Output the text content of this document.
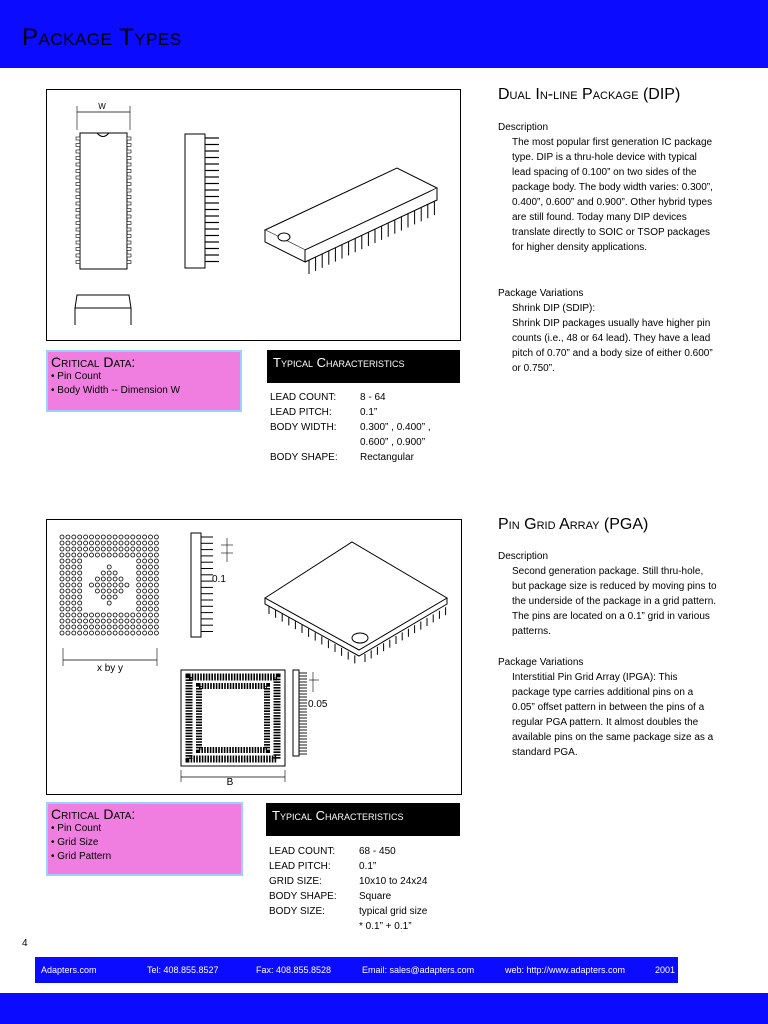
Package Types
W
Dual In-line Package (DIP)
Description
The most popular first generation IC package type. DIP is a thru-hole device with typical lead spacing of 0.100” on two sides of the package body. The body width varies: 0.300”, 0.400”, 0.600” and 0.900”. Other hybrid types are still found. Today many DIP devices translate directly to SOIC or TSOP packages for higher density applications.
Package Variations
Shrink DIP (SDIP):
Shrink DIP packages usually have higher pin counts (i.e., 48 or 64 lead). They have a lead pitch of 0.70” and a body size of either 0.600” or 0.750”.
Critical Data:
• Pin Count
• Body Width -- Dimension W
Typical Characteristics
LEAD COUNT:	8 - 64
LEAD PITCH:	0.1”
BODY WIDTH:	0.300” , 0.400” ,
	0.600” , 0.900”
BODY SHAPE:	Rectangular
x by y
0.1
B
0.05
Pin Grid Array (PGA)
Description
Second generation package. Still thru-hole, but package size is reduced by moving pins to the underside of the package in a grid pattern. The pins are located on a 0.1” grid in various patterns.
Package Variations
Interstitial Pin Grid Array (IPGA): This package type carries additional pins on a 0.05” offset pattern in between the pins of a regular PGA pattern. It almost doubles the available pins on the same package size as a standard PGA.
Critical Data:
• Pin Count
• Grid Size
• Grid Pattern
Typical Characteristics
LEAD COUNT:	68 - 450
LEAD PITCH:	0.1”
GRID SIZE:	10x10 to 24x24
BODY SHAPE:	Square
BODY SIZE:	typical grid size
	* 0.1” + 0.1”
4
Adapters.com	Tel: 408.855.8527	Fax: 408.855.8528	Email: sales@adapters.com	web: http://www.adapters.com	2001
